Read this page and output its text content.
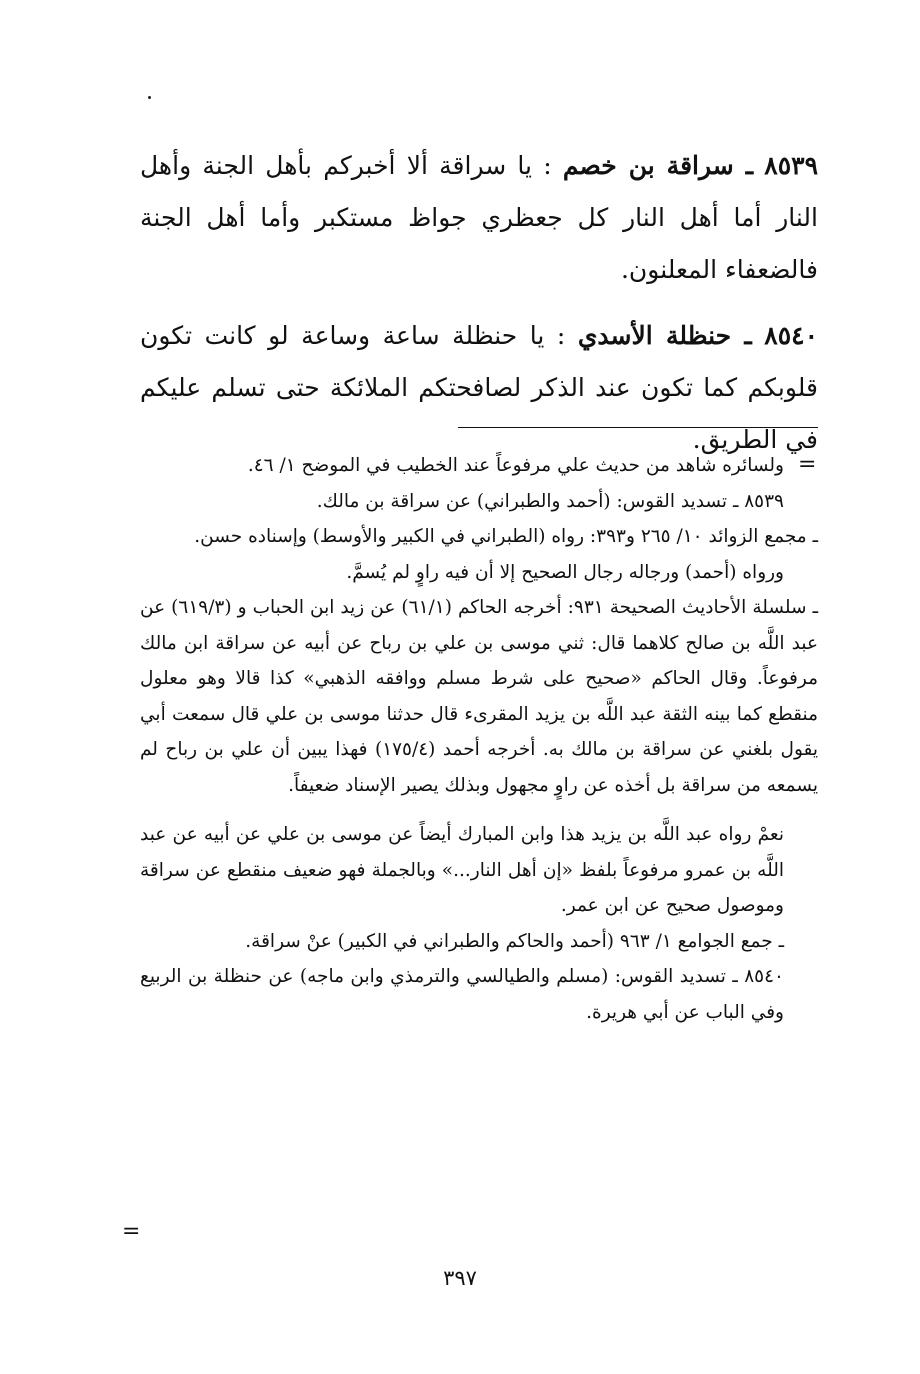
٨٥٣٩ ـ سراقة بن خصم : يا سراقة ألا أخبركم بأهل الجنة وأهل النار أما أهل النار كل جعظري جواظ مستكبر وأما أهل الجنة فالضعفاء المعلنون.

٨٥٤٠ ـ حنظلة الأسدي : يا حنظلة ساعة وساعة لو كانت تكون قلوبكم كما تكون عند الذكر لصافحتكم الملائكة حتى تسلم عليكم في الطريق.

=

ولسائره شاهد من حديث علي مرفوعاً عند الخطيب في الموضح ١/ ٤٦.

٨٥٣٩ ـ تسديد القوس: (أحمد والطبراني) عن سراقة بن مالك.

ـ مجمع الزوائد ١٠/ ٢٦٥ و٣٩٣: رواه (الطبراني في الكبير والأوسط) وإسناده حسن.

ورواه (أحمد) ورجاله رجال الصحيح إلا أن فيه راوٍ لم يُسمَّ.

ـ سلسلة الأحاديث الصحيحة ٩٣١: أخرجه الحاكم (٦١/١) عن زيد ابن الحباب و (٦١٩/٣) عن عبد اللَّه بن صالح كلاهما قال: ثني موسى بن علي بن رباح عن أبيه عن سراقة ابن مالك مرفوعاً. وقال الحاكم «صحيح على شرط مسلم ووافقه الذهبي» كذا قالا وهو معلول منقطع كما بينه الثقة عبد اللَّه بن يزيد المقرىء قال حدثنا موسى بن علي قال سمعت أبي يقول بلغني عن سراقة بن مالك به. أخرجه أحمد (١٧٥/٤) فهذا يبين أن علي بن رباح لم يسمعه من سراقة بل أخذه عن راوٍ مجهول وبذلك يصير الإسناد ضعيفاً.

نعمْ رواه عبد اللَّه بن يزيد هذا وابن المبارك أيضاً عن موسى بن علي عن أبيه عن عبد اللَّه بن عمرو مرفوعاً بلفظ «إن أهل النار...» وبالجملة فهو ضعيف منقطع عن سراقة وموصول صحيح عن ابن عمر.

ـ جمع الجوامع ١/ ٩٦٣ (أحمد والحاكم والطبراني في الكبير) عنْ سراقة.

٨٥٤٠ ـ تسديد القوس: (مسلم والطيالسي والترمذي وابن ماجه) عن حنظلة بن الربيع وفي الباب عن أبي هريرة.

=
٣٩٧
